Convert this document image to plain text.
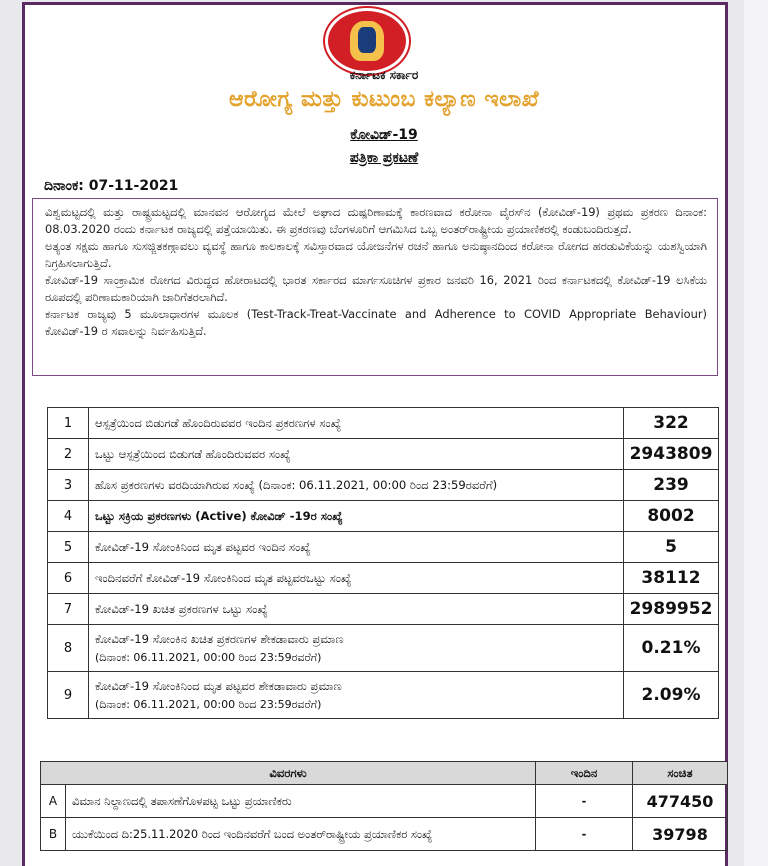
ಕರ್ನಾಟಕ ಸರ್ಕಾರ
ಆರೋಗ್ಯ ಮತ್ತು ಕುಟುಂಬ ಕಲ್ಯಾಣ ಇಲಾಖೆ
ಕೋವಿಡ್-19
ಪತ್ರಿಕಾ ಪ್ರಕಟಣೆ
ದಿನಾಂಕ: 07-11-2021

ವಿಶ್ವಮಟ್ಟದಲ್ಲಿ ಮತ್ತು ರಾಷ್ಟ್ರಮಟ್ಟದಲ್ಲಿ ಮಾನವನ ಆರೋಗ್ಯದ ಮೇಲೆ ಅಘಾದ ದುಷ್ಪರಿಣಾಮಕ್ಕೆ ಕಾರಣವಾದ ಕರೋನಾ ವೈರಸ್‌ನ (ಕೋವಿಡ್-19) ಪ್ರಥಮ ಪ್ರಕರಣ ದಿನಾಂಕ: 08.03.2020 ರಂದು ಕರ್ನಾಟಕ ರಾಜ್ಯದಲ್ಲಿ ಪತ್ತೆಯಾಯಿತು. ಈ ಪ್ರಕರಣವು ಬೆಂಗಳೂರಿಗೆ ಆಗಮಿಸಿದ ಒಬ್ಬ ಅಂತರ್‌ರಾಷ್ಟ್ರೀಯ ಪ್ರಯಾಣಿಕರಲ್ಲಿ ಕಂಡುಬಂದಿರುತ್ತದೆ.

ಅತ್ಯಂತ ಸಕ್ಷಮ ಹಾಗೂ ಸುಸಜ್ಜಿತಕಣ್ಗಾವಲು ವ್ಯವಸ್ಥೆ ಹಾಗೂ ಕಾಲಕಾಲಕ್ಕೆ ಸವಿಸ್ತಾರವಾದ ಯೋಜನೆಗಳ ರಚನೆ ಹಾಗೂ ಅನುಷ್ಠಾನದಿಂದ ಕರೋನಾ ರೋಗದ ಹರಡುವಿಕೆಯನ್ನು ಯಶಸ್ವಿಯಾಗಿ ನಿಗ್ರಹಿಸಲಾಗುತ್ತಿದೆ.

ಕೋವಿಡ್-19 ಸಾಂಕ್ರಾಮಿಕ ರೋಗದ ವಿರುದ್ಧದ ಹೋರಾಟದಲ್ಲಿ ಭಾರತ ಸರ್ಕಾರದ ಮಾರ್ಗಸೂಚಿಗಳ ಪ್ರಕಾರ ಜನವರಿ 16, 2021 ರಿಂದ ಕರ್ನಾಟಕದಲ್ಲಿ ಕೋವಿಡ್-19 ಲಸಿಕೆಯ ರೂಪದಲ್ಲಿ ಪರಿಣಾಮಕಾರಿಯಾಗಿ ಜಾರಿಗೆತರಲಾಗಿದೆ.

ಕರ್ನಾಟಕ ರಾಜ್ಯವು 5 ಮೂಲಾಧಾರಗಳ ಮೂಲಕ (Test-Track-Treat-Vaccinate and Adherence to COVID Appropriate Behaviour) ಕೋವಿಡ್-19 ರ ಸವಾಲನ್ನು ನಿರ್ವಹಿಸುತ್ತಿದೆ.

1	ಆಸ್ಪತ್ರೆಯಿಂದ ಬಿಡುಗಡೆ ಹೊಂದಿರುವವರ ಇಂದಿನ ಪ್ರಕರಣಗಳ ಸಂಖ್ಯೆ	322
2	ಒಟ್ಟು ಆಸ್ಪತ್ರೆಯಿಂದ ಬಿಡುಗಡೆ ಹೊಂದಿರುವವರ ಸಂಖ್ಯೆ	2943809
3	ಹೊಸ ಪ್ರಕರಣಗಳು ವರದಿಯಾಗಿರುವ ಸಂಖ್ಯೆ (ದಿನಾಂಕ: 06.11.2021, 00:00 ರಿಂದ 23:59ರವರೆಗೆ)	239
4	ಒಟ್ಟು ಸಕ್ರಿಯ ಪ್ರಕರಣಗಳು (Active) ಕೋವಿಡ್ -19ರ ಸಂಖ್ಯೆ	8002
5	ಕೋವಿಡ್-19 ಸೋಂಕಿನಿಂದ ಮೃತ ಪಟ್ಟವರ ಇಂದಿನ ಸಂಖ್ಯೆ	5
6	ಇಂದಿನವರೆಗೆ ಕೋವಿಡ್-19 ಸೋಂಕಿನಿಂದ ಮೃತ ಪಟ್ಟವರಒಟ್ಟು ಸಂಖ್ಯೆ	38112
7	ಕೋವಿಡ್-19 ಖಚಿತ ಪ್ರಕರಣಗಳ ಒಟ್ಟು ಸಂಖ್ಯೆ	2989952
8	ಕೋವಿಡ್-19 ಸೋಂಕಿನ ಖಚಿತ ಪ್ರಕರಣಗಳ ಶೇಕಡಾವಾರು ಪ್ರಮಾಣ
(ದಿನಾಂಕ: 06.11.2021, 00:00 ರಿಂದ 23:59ರವರೆಗೆ)	0.21%
9	ಕೋವಿಡ್-19 ಸೋಂಕಿನಿಂದ ಮೃತ ಪಟ್ಟವರ ಶೇಕಡಾವಾರು ಪ್ರಮಾಣ
(ದಿನಾಂಕ: 06.11.2021, 00:00 ರಿಂದ 23:59ರವರೆಗೆ)	2.09%
ವಿವರಗಳು		ಇಂದಿನ	ಸಂಚಿತ
A	ವಿಮಾನ ನಿಲ್ದಾಣದಲ್ಲಿ ತಪಾಸಣೆಗೊಳಪಟ್ಟ ಒಟ್ಟು ಪ್ರಯಾಣಿಕರು	-	477450
B	ಯುಕೆಯಿಂದ ದಿ:25.11.2020 ರಿಂದ ಇಂದಿನವರೆಗೆ ಬಂದ ಅಂತರ್‌ರಾಷ್ಟ್ರೀಯ ಪ್ರಯಾಣಿಕರ ಸಂಖ್ಯೆ	-	39798
